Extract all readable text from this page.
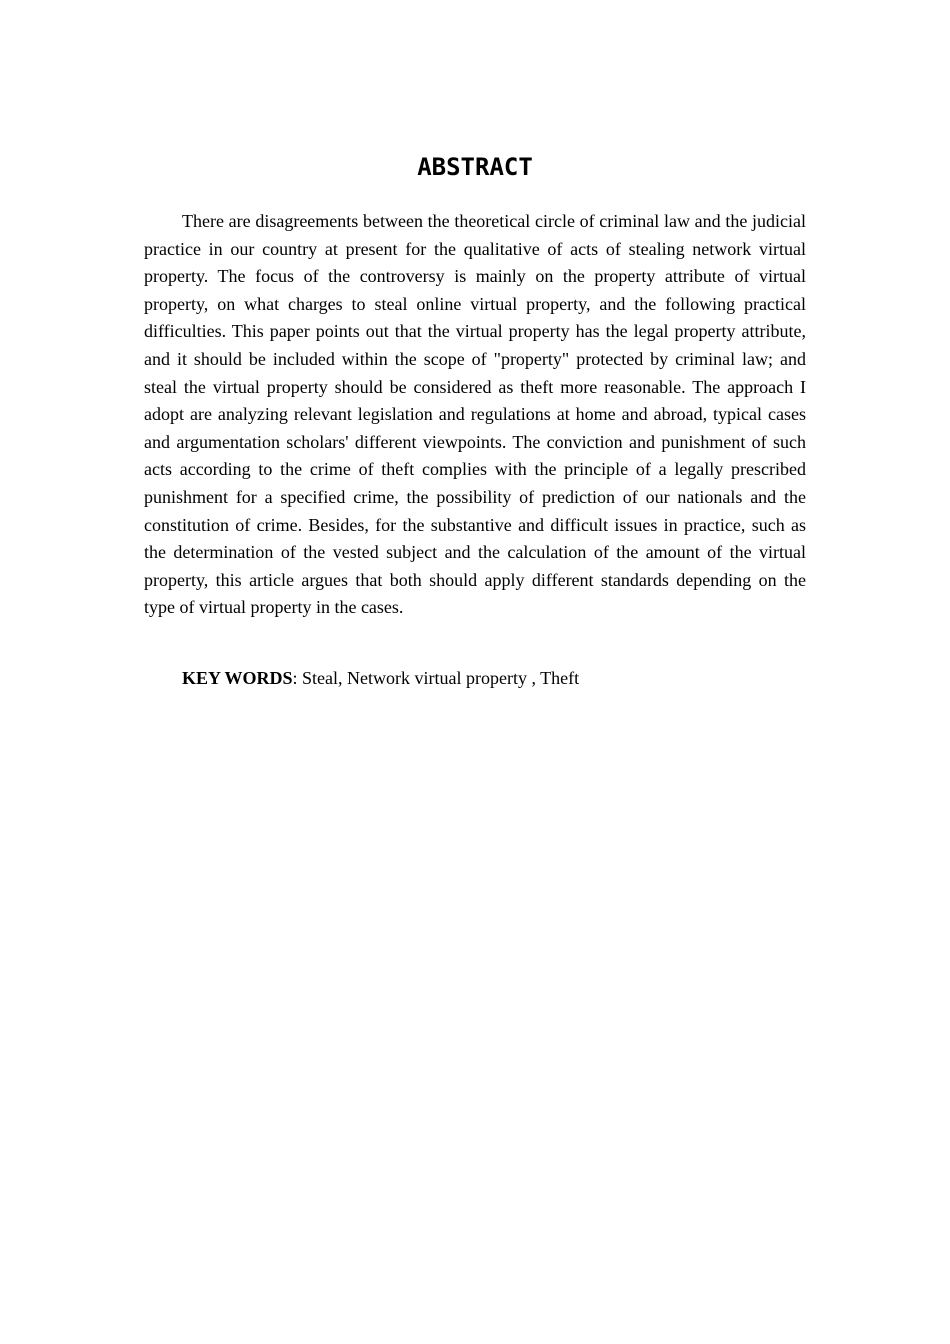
ABSTRACT

There are disagreements between the theoretical circle of criminal law and the judicial practice in our country at present for the qualitative of acts of stealing network virtual property. The focus of the controversy is mainly on the property attribute of virtual property, on what charges to steal online virtual property, and the following practical difficulties. This paper points out that the virtual property has the legal property attribute, and it should be included within the scope of "property" protected by criminal law; and steal the virtual property should be considered as theft more reasonable. The approach I adopt are analyzing relevant legislation and regulations at home and abroad, typical cases and argumentation scholars' different viewpoints. The conviction and punishment of such acts according to the crime of theft complies with the principle of a legally prescribed punishment for a specified crime, the possibility of prediction of our nationals and the constitution of crime. Besides, for the substantive and difficult issues in practice, such as the determination of the vested subject and the calculation of the amount of the virtual property, this article argues that both should apply different standards depending on the type of virtual property in the cases.

KEY WORDS: Steal, Network virtual property , Theft
